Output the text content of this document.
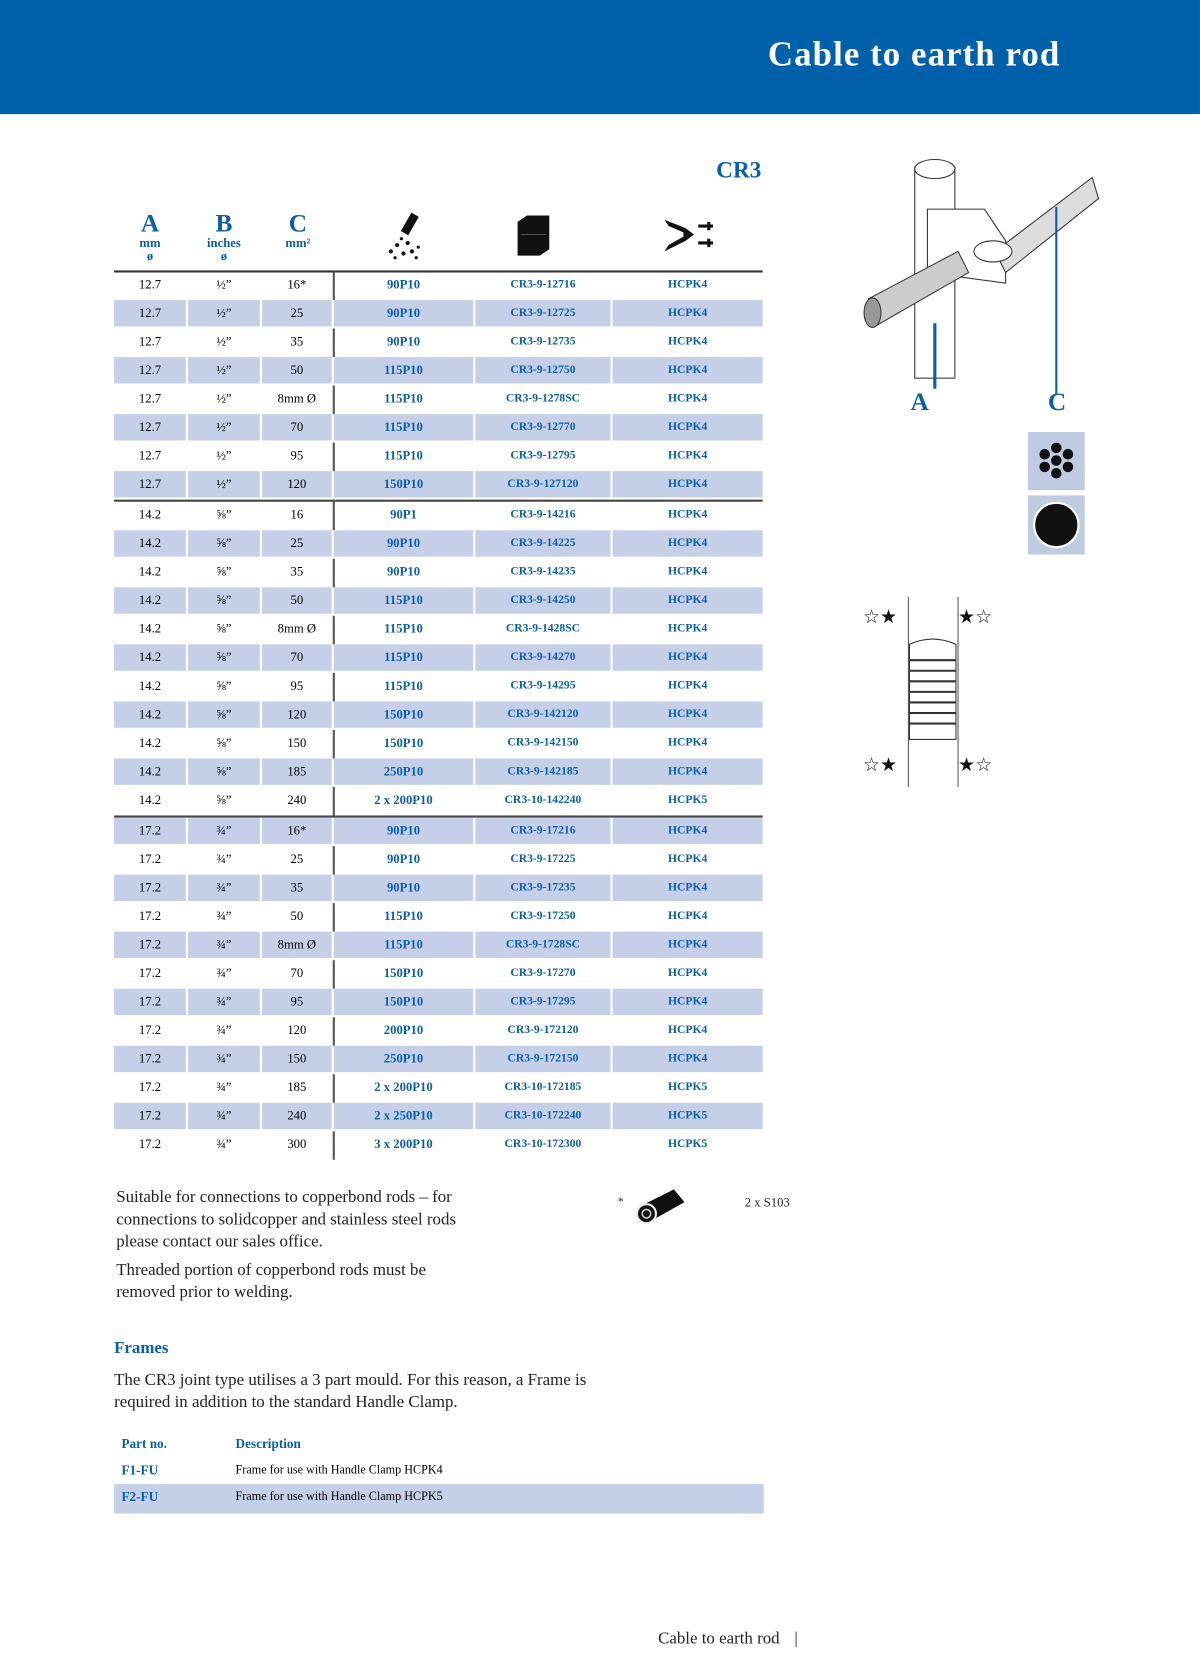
Cable to earth rod
CR3
A
mm
ø
B
inches
ø
C
mm²
12.7	½”	16*	90P10	CR3-9-12716	HCPK4
12.7	½”	25	90P10	CR3-9-12725	HCPK4
12.7	½”	35	90P10	CR3-9-12735	HCPK4
12.7	½”	50	115P10	CR3-9-12750	HCPK4
12.7	½”	8mm Ø	115P10	CR3-9-1278SC	HCPK4
12.7	½”	70	115P10	CR3-9-12770	HCPK4
12.7	½”	95	115P10	CR3-9-12795	HCPK4
12.7	½”	120	150P10	CR3-9-127120	HCPK4
14.2	⅝”	16	90P1	CR3-9-14216	HCPK4
14.2	⅝”	25	90P10	CR3-9-14225	HCPK4
14.2	⅝”	35	90P10	CR3-9-14235	HCPK4
14.2	⅝”	50	115P10	CR3-9-14250	HCPK4
14.2	⅝”	8mm Ø	115P10	CR3-9-1428SC	HCPK4
14.2	⅝”	70	115P10	CR3-9-14270	HCPK4
14.2	⅝”	95	115P10	CR3-9-14295	HCPK4
14.2	⅝”	120	150P10	CR3-9-142120	HCPK4
14.2	⅝”	150	150P10	CR3-9-142150	HCPK4
14.2	⅝”	185	250P10	CR3-9-142185	HCPK4
14.2	⅝”	240	2 x 200P10	CR3-10-142240	HCPK5
17.2	¾”	16*	90P10	CR3-9-17216	HCPK4
17.2	¾”	25	90P10	CR3-9-17225	HCPK4
17.2	¾”	35	90P10	CR3-9-17235	HCPK4
17.2	¾”	50	115P10	CR3-9-17250	HCPK4
17.2	¾”	8mm Ø	115P10	CR3-9-1728SC	HCPK4
17.2	¾”	70	150P10	CR3-9-17270	HCPK4
17.2	¾”	95	150P10	CR3-9-17295	HCPK4
17.2	¾”	120	200P10	CR3-9-172120	HCPK4
17.2	¾”	150	250P10	CR3-9-172150	HCPK4
17.2	¾”	185	2 x 200P10	CR3-10-172185	HCPK5
17.2	¾”	240	2 x 250P10	CR3-10-172240	HCPK5
17.2	¾”	300	3 x 200P10	CR3-10-172300	HCPK5
A	C
☆★	★☆
☆★	★☆
Suitable for connections to copperbond rods – for connections to solidcopper and stainless steel rods please contact our sales office.
Threaded portion of copperbond rods must be removed prior to welding.
*	2 x S103
Frames
The CR3 joint type utilises a 3 part mould. For this reason, a Frame is required in addition to the standard Handle Clamp.
Part no.	Description
F1-FU	Frame for use with Handle Clamp HCPK4
F2-FU	Frame for use with Handle Clamp HCPK5
Cable to earth rod |
